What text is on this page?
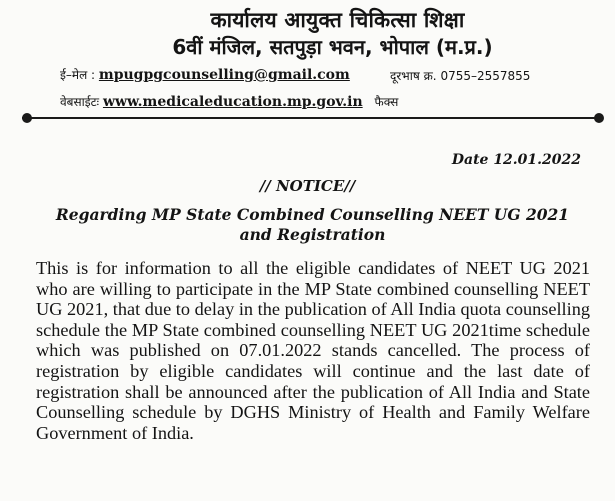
कार्यालय आयुक्त चिकित्सा शिक्षा
6वीं मंजिल, सतपुड़ा भवन, भोपाल (म.प्र.)
ई–मेल : mpugpgcounselling@gmail.com	दूरभाष क्र. 0755–2557855
वेबसाईटः www.medicaleducation.mp.gov.in फैक्स
Date 12.01.2022
// NOTICE//
Regarding MP State Combined Counselling NEET UG 2021
and Registration

This is for information to all the eligible candidates of NEET UG 2021 who are willing to participate in the MP State combined counselling NEET UG 2021, that due to delay in the publication of All India quota counselling schedule the MP State combined counselling NEET UG 2021time schedule which was published on 07.01.2022 stands cancelled. The process of registration by eligible candidates will continue and the last date of registration shall be announced after the publication of All India and State Counselling schedule by DGHS Ministry of Health and Family Welfare Government of India.
